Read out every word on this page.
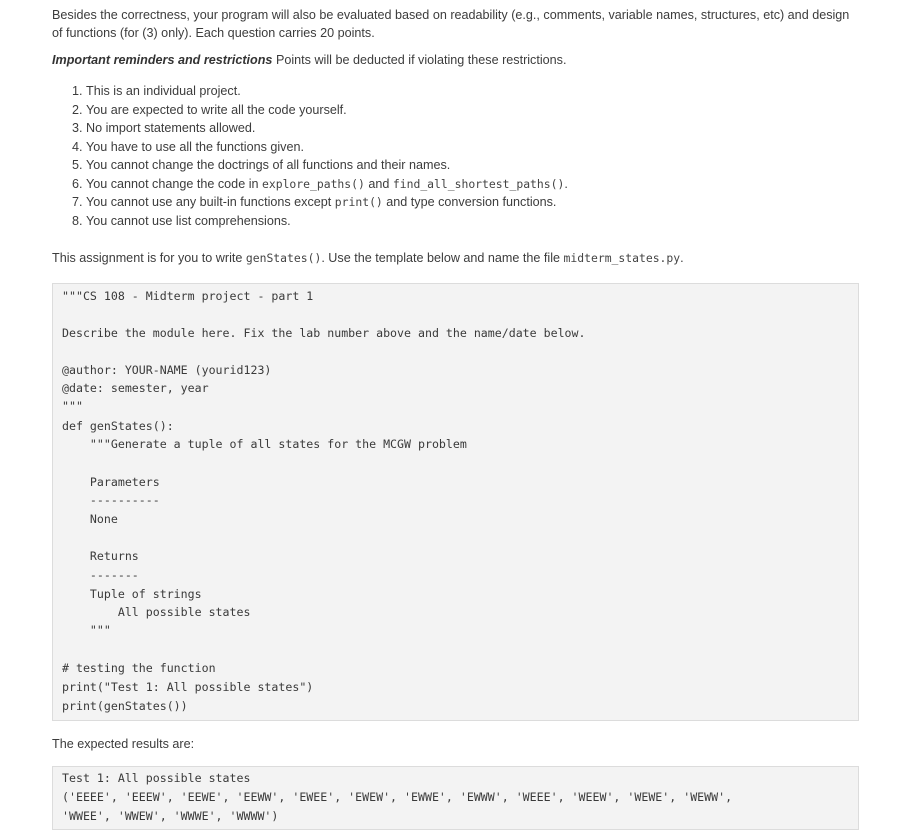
Besides the correctness, your program will also be evaluated based on readability (e.g., comments, variable names, structures, etc) and design of functions (for (3) only). Each question carries 20 points.

Important reminders and restrictions Points will be deducted if violating these restrictions.

1. This is an individual project.
2. You are expected to write all the code yourself.
3. No import statements allowed.
4. You have to use all the functions given.
5. You cannot change the doctrings of all functions and their names.
6. You cannot change the code in explore_paths() and find_all_shortest_paths().
7. You cannot use any built-in functions except print() and type conversion functions.
8. You cannot use list comprehensions.

This assignment is for you to write genStates(). Use the template below and name the file midterm_states.py.

"""CS 108 - Midterm project - part 1
Describe the module here. Fix the lab number above and the name/date below.
@author: YOUR-NAME (yourid123)
@date: semester, year
"""
def genStates():
"""Generate a tuple of all states for the MCGW problem
Parameters
----------
None
Returns
-------
Tuple of strings
All possible states
"""
# testing the function
print("Test 1: All possible states")
print(genStates())

The expected results are:

Test 1: All possible states
('EEEE', 'EEEW', 'EEWE', 'EEWW', 'EWEE', 'EWEW', 'EWWE', 'EWWW', 'WEEE', 'WEEW', 'WEWE', 'WEWW',
'WWEE', 'WWEW', 'WWWE', 'WWWW')
